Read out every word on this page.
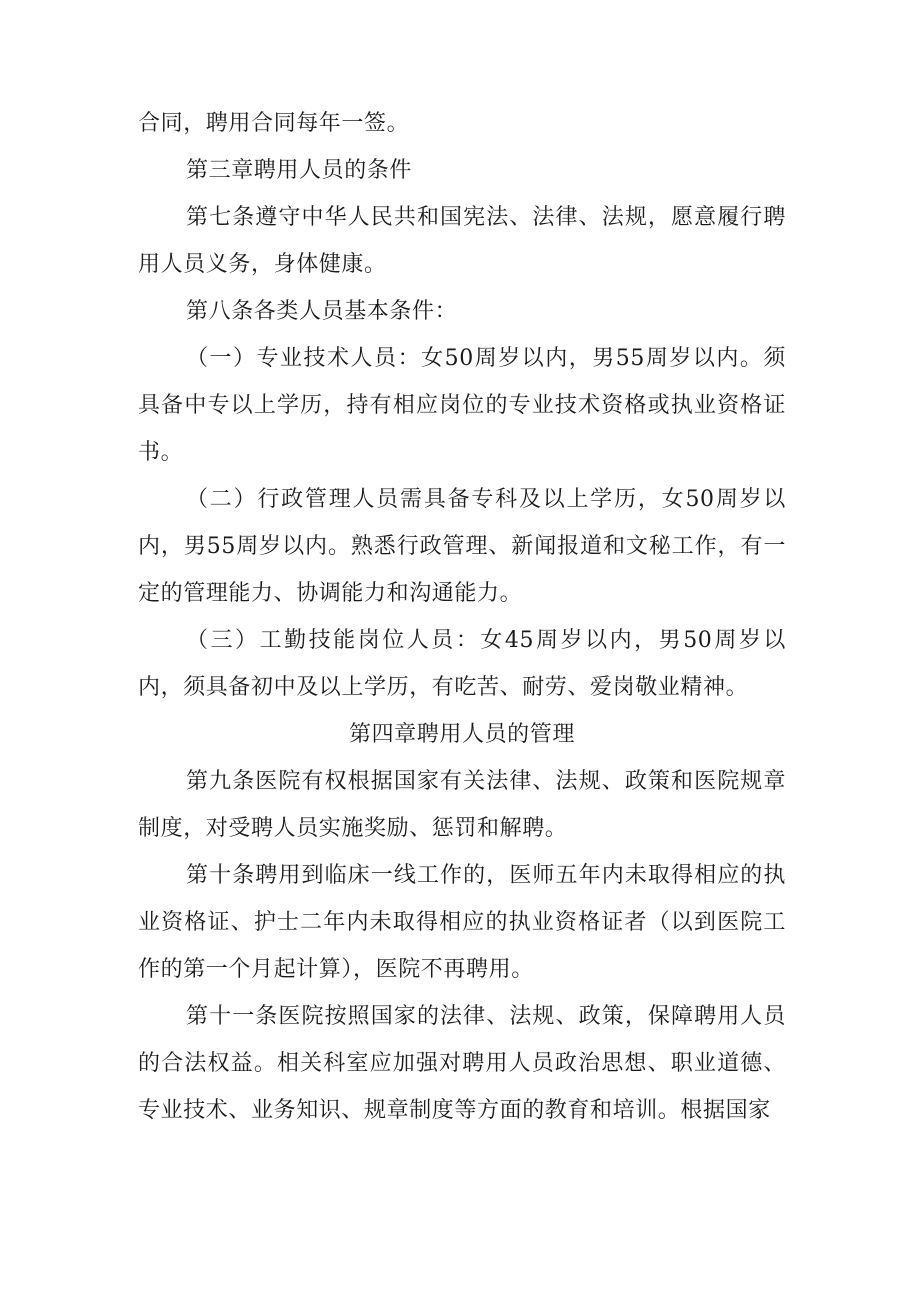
合同，聘用合同每年一签。

第三章聘用人员的条件

第七条遵守中华人民共和国宪法、法律、法规，愿意履行聘用人员义务，身体健康。

第八条各类人员基本条件：

（一）专业技术人员：女50周岁以内，男55周岁以内。须具备中专以上学历，持有相应岗位的专业技术资格或执业资格证书。

（二）行政管理人员需具备专科及以上学历，女50周岁以内，男55周岁以内。熟悉行政管理、新闻报道和文秘工作，有一定的管理能力、协调能力和沟通能力。

（三）工勤技能岗位人员：女45周岁以内，男50周岁以内，须具备初中及以上学历，有吃苦、耐劳、爱岗敬业精神。

第四章聘用人员的管理

第九条医院有权根据国家有关法律、法规、政策和医院规章制度，对受聘人员实施奖励、惩罚和解聘。

第十条聘用到临床一线工作的，医师五年内未取得相应的执业资格证、护士二年内未取得相应的执业资格证者（以到医院工作的第一个月起计算），医院不再聘用。

第十一条医院按照国家的法律、法规、政策，保障聘用人员的合法权益。相关科室应加强对聘用人员政治思想、职业道德、专业技术、业务知识、规章制度等方面的教育和培训。根据国家
